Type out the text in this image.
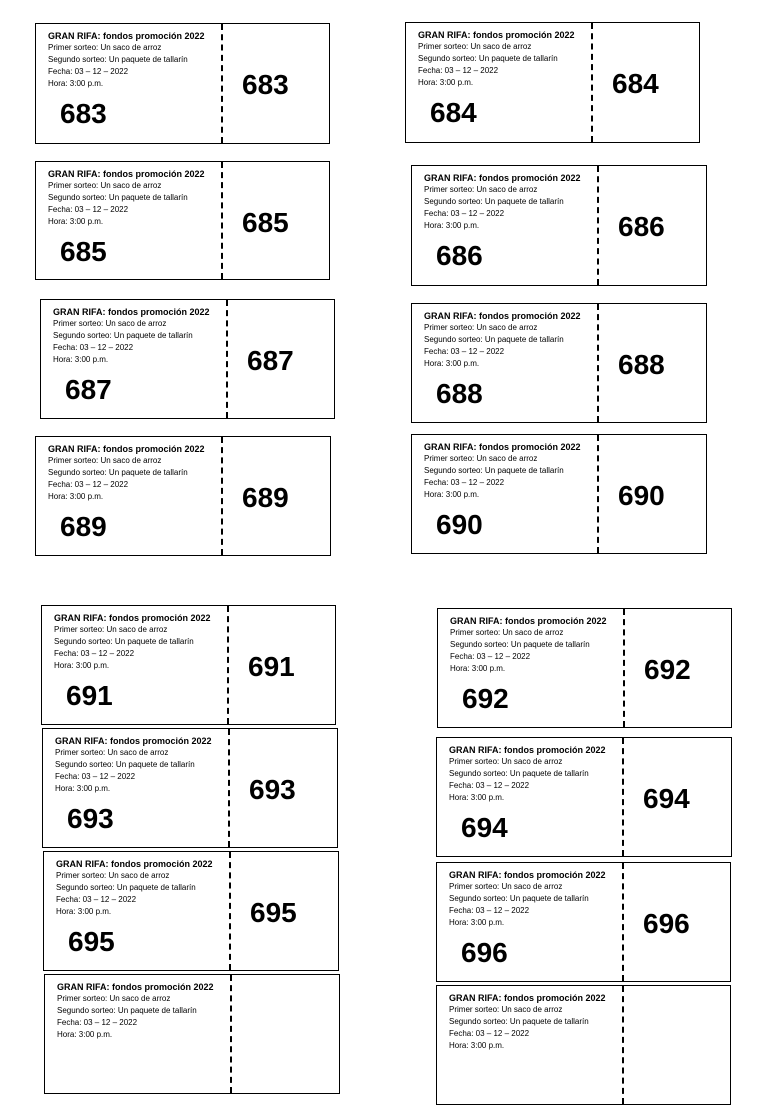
GRAN RIFA: fondos promoción 2022
Primer sorteo: Un saco de arroz
Segundo sorteo: Un paquete de tallarín
Fecha: 03 – 12 – 2022
Hora: 3:00 p.m.
683
683
GRAN RIFA: fondos promoción 2022
Primer sorteo: Un saco de arroz
Segundo sorteo: Un paquete de tallarín
Fecha: 03 – 12 – 2022
Hora: 3:00 p.m.
684
684
GRAN RIFA: fondos promoción 2022
Primer sorteo: Un saco de arroz
Segundo sorteo: Un paquete de tallarín
Fecha: 03 – 12 – 2022
Hora: 3:00 p.m.
685
685
GRAN RIFA: fondos promoción 2022
Primer sorteo: Un saco de arroz
Segundo sorteo: Un paquete de tallarín
Fecha: 03 – 12 – 2022
Hora: 3:00 p.m.
686
686
GRAN RIFA: fondos promoción 2022
Primer sorteo: Un saco de arroz
Segundo sorteo: Un paquete de tallarín
Fecha: 03 – 12 – 2022
Hora: 3:00 p.m.
687
687
GRAN RIFA: fondos promoción 2022
Primer sorteo: Un saco de arroz
Segundo sorteo: Un paquete de tallarín
Fecha: 03 – 12 – 2022
Hora: 3:00 p.m.
688
688
GRAN RIFA: fondos promoción 2022
Primer sorteo: Un saco de arroz
Segundo sorteo: Un paquete de tallarín
Fecha: 03 – 12 – 2022
Hora: 3:00 p.m.
689
689
GRAN RIFA: fondos promoción 2022
Primer sorteo: Un saco de arroz
Segundo sorteo: Un paquete de tallarín
Fecha: 03 – 12 – 2022
Hora: 3:00 p.m.
690
690
GRAN RIFA: fondos promoción 2022
Primer sorteo: Un saco de arroz
Segundo sorteo: Un paquete de tallarín
Fecha: 03 – 12 – 2022
Hora: 3:00 p.m.
691
691
GRAN RIFA: fondos promoción 2022
Primer sorteo: Un saco de arroz
Segundo sorteo: Un paquete de tallarín
Fecha: 03 – 12 – 2022
Hora: 3:00 p.m.
692
692
GRAN RIFA: fondos promoción 2022
Primer sorteo: Un saco de arroz
Segundo sorteo: Un paquete de tallarín
Fecha: 03 – 12 – 2022
Hora: 3:00 p.m.
693
693
GRAN RIFA: fondos promoción 2022
Primer sorteo: Un saco de arroz
Segundo sorteo: Un paquete de tallarín
Fecha: 03 – 12 – 2022
Hora: 3:00 p.m.
694
694
GRAN RIFA: fondos promoción 2022
Primer sorteo: Un saco de arroz
Segundo sorteo: Un paquete de tallarín
Fecha: 03 – 12 – 2022
Hora: 3:00 p.m.
695
695
GRAN RIFA: fondos promoción 2022
Primer sorteo: Un saco de arroz
Segundo sorteo: Un paquete de tallarín
Fecha: 03 – 12 – 2022
Hora: 3:00 p.m.
696
696
GRAN RIFA: fondos promoción 2022
Primer sorteo: Un saco de arroz
Segundo sorteo: Un paquete de tallarín
Fecha: 03 – 12 – 2022
Hora: 3:00 p.m.
GRAN RIFA: fondos promoción 2022
Primer sorteo: Un saco de arroz
Segundo sorteo: Un paquete de tallarín
Fecha: 03 – 12 – 2022
Hora: 3:00 p.m.
